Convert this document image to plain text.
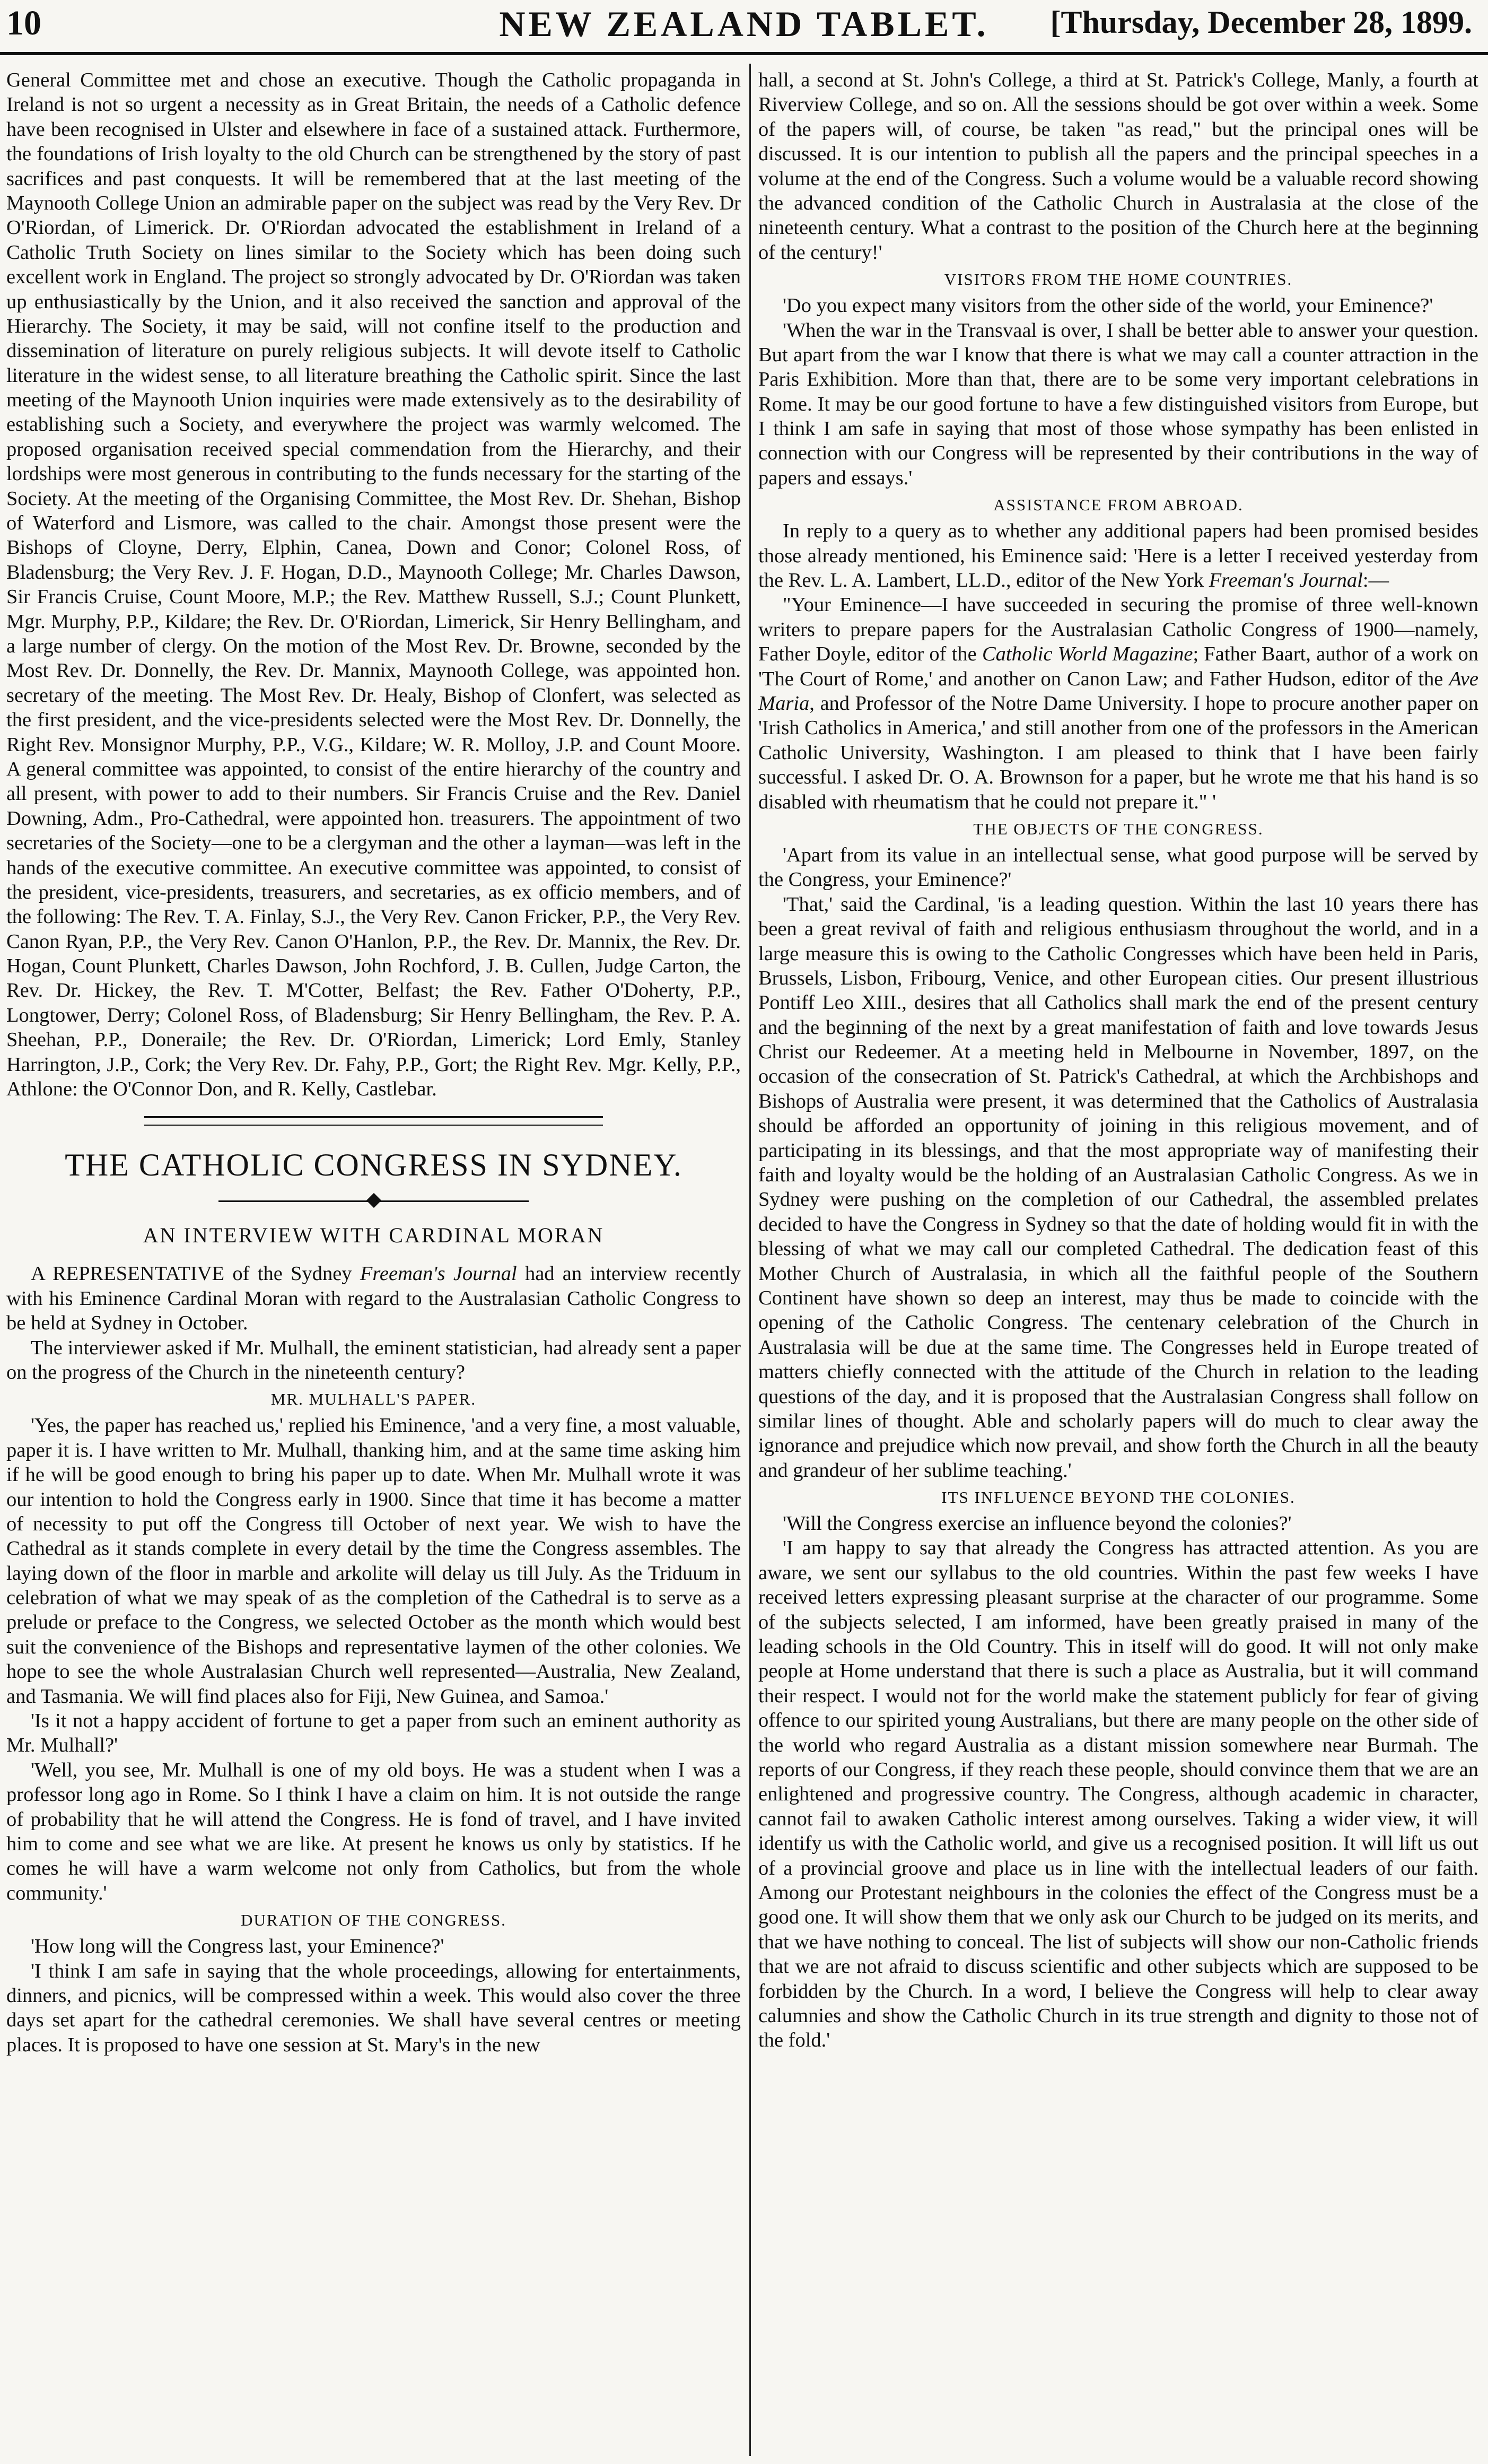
10	NEW ZEALAND TABLET.	[Thursday, December 28, 1899.

General Committee met and chose an executive. Though the Catholic propaganda in Ireland is not so urgent a necessity as in Great Britain, the needs of a Catholic defence have been recognised in Ulster and elsewhere in face of a sustained attack. Furthermore, the foundations of Irish loyalty to the old Church can be strengthened by the story of past sacrifices and past conquests. It will be remembered that at the last meeting of the Maynooth College Union an admirable paper on the subject was read by the Very Rev. Dr O'Riordan, of Limerick. Dr. O'Riordan advocated the establishment in Ireland of a Catholic Truth Society on lines similar to the Society which has been doing such excellent work in England. The project so strongly advocated by Dr. O'Riordan was taken up enthusiastically by the Union, and it also received the sanction and approval of the Hierarchy. The Society, it may be said, will not confine itself to the production and dissemination of literature on purely religious subjects. It will devote itself to Catholic literature in the widest sense, to all literature breathing the Catholic spirit. Since the last meeting of the Maynooth Union inquiries were made extensively as to the desirability of establishing such a Society, and everywhere the project was warmly welcomed. The proposed organisation received special commendation from the Hierarchy, and their lordships were most generous in contributing to the funds necessary for the starting of the Society. At the meeting of the Organising Committee, the Most Rev. Dr. Shehan, Bishop of Waterford and Lismore, was called to the chair. Amongst those present were the Bishops of Cloyne, Derry, Elphin, Canea, Down and Conor; Colonel Ross, of Bladensburg; the Very Rev. J. F. Hogan, D.D., Maynooth College; Mr. Charles Dawson, Sir Francis Cruise, Count Moore, M.P.; the Rev. Matthew Russell, S.J.; Count Plunkett, Mgr. Murphy, P.P., Kildare; the Rev. Dr. O'Riordan, Limerick, Sir Henry Bellingham, and a large number of clergy. On the motion of the Most Rev. Dr. Browne, seconded by the Most Rev. Dr. Donnelly, the Rev. Dr. Mannix, Maynooth College, was appointed hon. secretary of the meeting. The Most Rev. Dr. Healy, Bishop of Clonfert, was selected as the first president, and the vice-presidents selected were the Most Rev. Dr. Donnelly, the Right Rev. Monsignor Murphy, P.P., V.G., Kildare; W. R. Molloy, J.P. and Count Moore. A general committee was appointed, to consist of the entire hierarchy of the country and all present, with power to add to their numbers. Sir Francis Cruise and the Rev. Daniel Downing, Adm., Pro-Cathedral, were appointed hon. treasurers. The appointment of two secretaries of the Society—one to be a clergyman and the other a layman—was left in the hands of the executive committee. An executive committee was appointed, to consist of the president, vice-presidents, treasurers, and secretaries, as ex officio members, and of the following: The Rev. T. A. Finlay, S.J., the Very Rev. Canon Fricker, P.P., the Very Rev. Canon Ryan, P.P., the Very Rev. Canon O'Hanlon, P.P., the Rev. Dr. Mannix, the Rev. Dr. Hogan, Count Plunkett, Charles Dawson, John Rochford, J. B. Cullen, Judge Carton, the Rev. Dr. Hickey, the Rev. T. M'Cotter, Belfast; the Rev. Father O'Doherty, P.P., Longtower, Derry; Colonel Ross, of Bladensburg; Sir Henry Bellingham, the Rev. P. A. Sheehan, P.P., Doneraile; the Rev. Dr. O'Riordan, Limerick; Lord Emly, Stanley Harrington, J.P., Cork; the Very Rev. Dr. Fahy, P.P., Gort; the Right Rev. Mgr. Kelly, P.P., Athlone: the O'Connor Don, and R. Kelly, Castlebar.

THE CATHOLIC CONGRESS IN SYDNEY.
AN INTERVIEW WITH CARDINAL MORAN

A REPRESENTATIVE of the Sydney Freeman's Journal had an interview recently with his Eminence Cardinal Moran with regard to the Australasian Catholic Congress to be held at Sydney in October.

The interviewer asked if Mr. Mulhall, the eminent statistician, had already sent a paper on the progress of the Church in the nineteenth century?

MR. MULHALL'S PAPER.

'Yes, the paper has reached us,' replied his Eminence, 'and a very fine, a most valuable, paper it is. I have written to Mr. Mulhall, thanking him, and at the same time asking him if he will be good enough to bring his paper up to date. When Mr. Mulhall wrote it was our intention to hold the Congress early in 1900. Since that time it has become a matter of necessity to put off the Congress till October of next year. We wish to have the Cathedral as it stands complete in every detail by the time the Congress assembles. The laying down of the floor in marble and arkolite will delay us till July. As the Triduum in celebration of what we may speak of as the completion of the Cathedral is to serve as a prelude or preface to the Congress, we selected October as the month which would best suit the convenience of the Bishops and representative laymen of the other colonies. We hope to see the whole Australasian Church well represented—Australia, New Zealand, and Tasmania. We will find places also for Fiji, New Guinea, and Samoa.'

'Is it not a happy accident of fortune to get a paper from such an eminent authority as Mr. Mulhall?'

'Well, you see, Mr. Mulhall is one of my old boys. He was a student when I was a professor long ago in Rome. So I think I have a claim on him. It is not outside the range of probability that he will attend the Congress. He is fond of travel, and I have invited him to come and see what we are like. At present he knows us only by statistics. If he comes he will have a warm welcome not only from Catholics, but from the whole community.'

DURATION OF THE CONGRESS.

'How long will the Congress last, your Eminence?'

'I think I am safe in saying that the whole proceedings, allowing for entertainments, dinners, and picnics, will be compressed within a week. This would also cover the three days set apart for the cathedral ceremonies. We shall have several centres or meeting places. It is proposed to have one session at St. Mary's in the new

hall, a second at St. John's College, a third at St. Patrick's College, Manly, a fourth at Riverview College, and so on. All the sessions should be got over within a week. Some of the papers will, of course, be taken "as read," but the principal ones will be discussed. It is our intention to publish all the papers and the principal speeches in a volume at the end of the Congress. Such a volume would be a valuable record showing the advanced condition of the Catholic Church in Australasia at the close of the nineteenth century. What a contrast to the position of the Church here at the beginning of the century!'

VISITORS FROM THE HOME COUNTRIES.

'Do you expect many visitors from the other side of the world, your Eminence?'

'When the war in the Transvaal is over, I shall be better able to answer your question. But apart from the war I know that there is what we may call a counter attraction in the Paris Exhibition. More than that, there are to be some very important celebrations in Rome. It may be our good fortune to have a few distinguished visitors from Europe, but I think I am safe in saying that most of those whose sympathy has been enlisted in connection with our Congress will be represented by their contributions in the way of papers and essays.'

ASSISTANCE FROM ABROAD.

In reply to a query as to whether any additional papers had been promised besides those already mentioned, his Eminence said: 'Here is a letter I received yesterday from the Rev. L. A. Lambert, LL.D., editor of the New York Freeman's Journal:—

"Your Eminence—I have succeeded in securing the promise of three well-known writers to prepare papers for the Australasian Catholic Congress of 1900—namely, Father Doyle, editor of the Catholic World Magazine; Father Baart, author of a work on 'The Court of Rome,' and another on Canon Law; and Father Hudson, editor of the Ave Maria, and Professor of the Notre Dame University. I hope to procure another paper on 'Irish Catholics in America,' and still another from one of the professors in the American Catholic University, Washington. I am pleased to think that I have been fairly successful. I asked Dr. O. A. Brownson for a paper, but he wrote me that his hand is so disabled with rheumatism that he could not prepare it." '

THE OBJECTS OF THE CONGRESS.

'Apart from its value in an intellectual sense, what good purpose will be served by the Congress, your Eminence?'

'That,' said the Cardinal, 'is a leading question. Within the last 10 years there has been a great revival of faith and religious enthusiasm throughout the world, and in a large measure this is owing to the Catholic Congresses which have been held in Paris, Brussels, Lisbon, Fribourg, Venice, and other European cities. Our present illustrious Pontiff Leo XIII., desires that all Catholics shall mark the end of the present century and the beginning of the next by a great manifestation of faith and love towards Jesus Christ our Redeemer. At a meeting held in Melbourne in November, 1897, on the occasion of the consecration of St. Patrick's Cathedral, at which the Archbishops and Bishops of Australia were present, it was determined that the Catholics of Australasia should be afforded an opportunity of joining in this religious movement, and of participating in its blessings, and that the most appropriate way of manifesting their faith and loyalty would be the holding of an Australasian Catholic Congress. As we in Sydney were pushing on the completion of our Cathedral, the assembled prelates decided to have the Congress in Sydney so that the date of holding would fit in with the blessing of what we may call our completed Cathedral. The dedication feast of this Mother Church of Australasia, in which all the faithful people of the Southern Continent have shown so deep an interest, may thus be made to coincide with the opening of the Catholic Congress. The centenary celebration of the Church in Australasia will be due at the same time. The Congresses held in Europe treated of matters chiefly connected with the attitude of the Church in relation to the leading questions of the day, and it is proposed that the Australasian Congress shall follow on similar lines of thought. Able and scholarly papers will do much to clear away the ignorance and prejudice which now prevail, and show forth the Church in all the beauty and grandeur of her sublime teaching.'

ITS INFLUENCE BEYOND THE COLONIES.

'Will the Congress exercise an influence beyond the colonies?'

'I am happy to say that already the Congress has attracted attention. As you are aware, we sent our syllabus to the old countries. Within the past few weeks I have received letters expressing pleasant surprise at the character of our programme. Some of the subjects selected, I am informed, have been greatly praised in many of the leading schools in the Old Country. This in itself will do good. It will not only make people at Home understand that there is such a place as Australia, but it will command their respect. I would not for the world make the statement publicly for fear of giving offence to our spirited young Australians, but there are many people on the other side of the world who regard Australia as a distant mission somewhere near Burmah. The reports of our Congress, if they reach these people, should convince them that we are an enlightened and progressive country. The Congress, although academic in character, cannot fail to awaken Catholic interest among ourselves. Taking a wider view, it will identify us with the Catholic world, and give us a recognised position. It will lift us out of a provincial groove and place us in line with the intellectual leaders of our faith. Among our Protestant neighbours in the colonies the effect of the Congress must be a good one. It will show them that we only ask our Church to be judged on its merits, and that we have nothing to conceal. The list of subjects will show our non-Catholic friends that we are not afraid to discuss scientific and other subjects which are supposed to be forbidden by the Church. In a word, I believe the Congress will help to clear away calumnies and show the Catholic Church in its true strength and dignity to those not of the fold.'
